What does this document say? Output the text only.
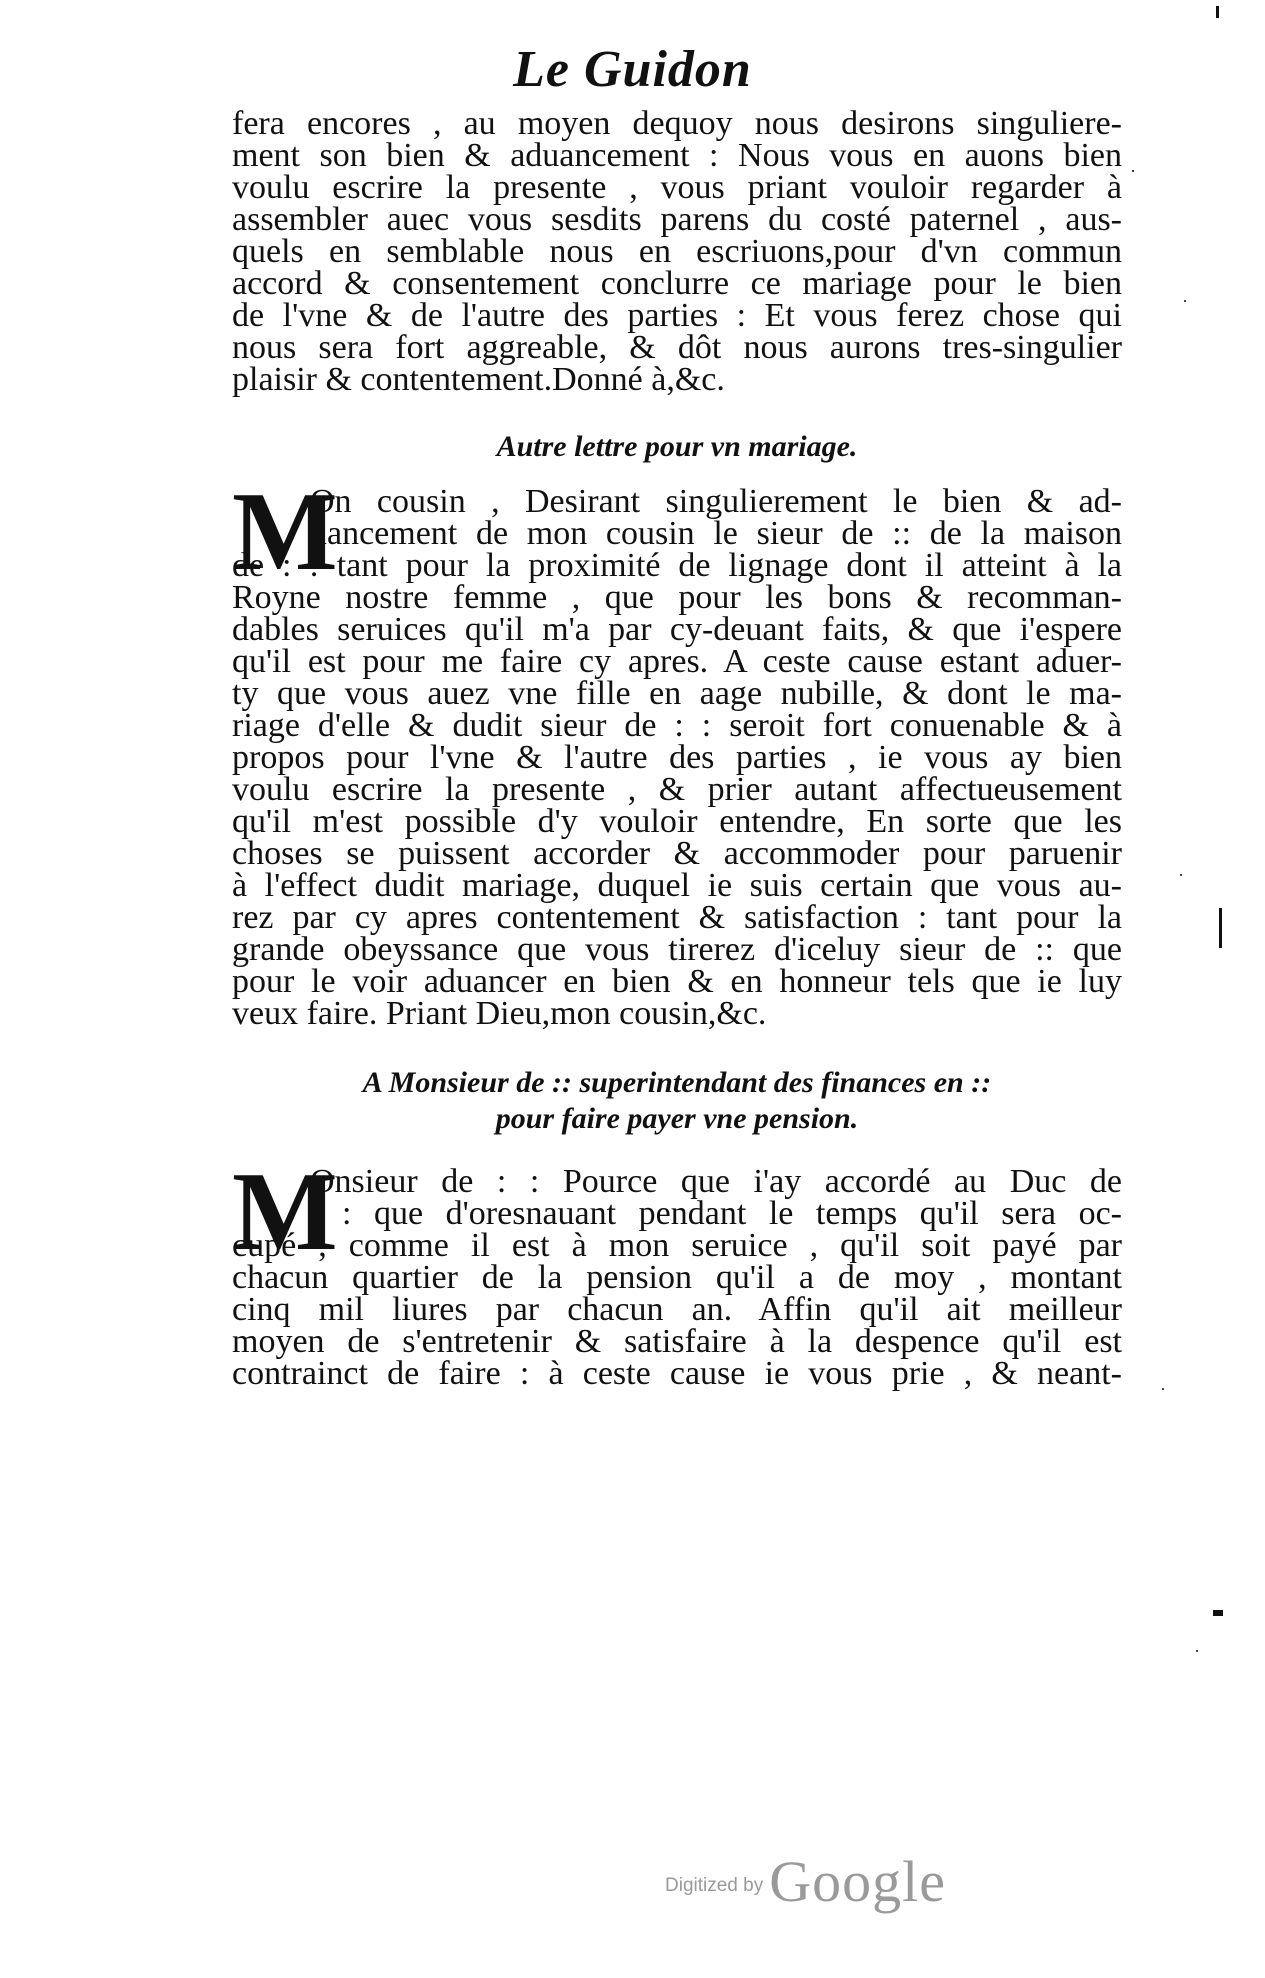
Le Guidon

fera encores , au moyen dequoy nous desirons singuliere-

ment son bien & aduancement : Nous vous en auons bien

voulu escrire la presente , vous priant vouloir regarder à

assembler auec vous sesdits parens du costé paternel , aus-

quels en semblable nous en escriuons,pour d'vn commun

accord & consentement conclurre ce mariage pour le bien

de l'vne & de l'autre des parties : Et vous ferez chose qui

nous sera fort aggreable, & dôt nous aurons tres-singulier

plaisir & contentement.Donné à,&c.

Autre lettre pour vn mariage.

M

On cousin , Desirant singulierement le bien & ad-

uancement de mon cousin le sieur de :: de la maison

de : : tant pour la proximité de lignage dont il atteint à la

Royne nostre femme , que pour les bons & recomman-

dables seruices qu'il m'a par cy-deuant faits, & que i'espere

qu'il est pour me faire cy apres. A ceste cause estant aduer-

ty que vous auez vne fille en aage nubille, & dont le ma-

riage d'elle & dudit sieur de : : seroit fort conuenable & à

propos pour l'vne & l'autre des parties , ie vous ay bien

voulu escrire la presente , & prier autant affectueusement

qu'il m'est possible d'y vouloir entendre, En sorte que les

choses se puissent accorder & accommoder pour paruenir

à l'effect dudit mariage, duquel ie suis certain que vous au-

rez par cy apres contentement & satisfaction : tant pour la

grande obeyssance que vous tirerez d'iceluy sieur de :: que

pour le voir aduancer en bien & en honneur tels que ie luy

veux faire. Priant Dieu,mon cousin,&c.

A Monsieur de :: superintendant des finances en ::

pour faire payer vne pension.

M

Onsieur de : : Pource que i'ay accordé au Duc de

: : que d'oresnauant pendant le temps qu'il sera oc-

cupé , comme il est à mon seruice , qu'il soit payé par

chacun quartier de la pension qu'il a de moy , montant

cinq mil liures par chacun an. Affin qu'il ait meilleur

moyen de s'entretenir & satisfaire à la despence qu'il est

contrainct de faire : à ceste cause ie vous prie , & neant-

Digitized by Google
